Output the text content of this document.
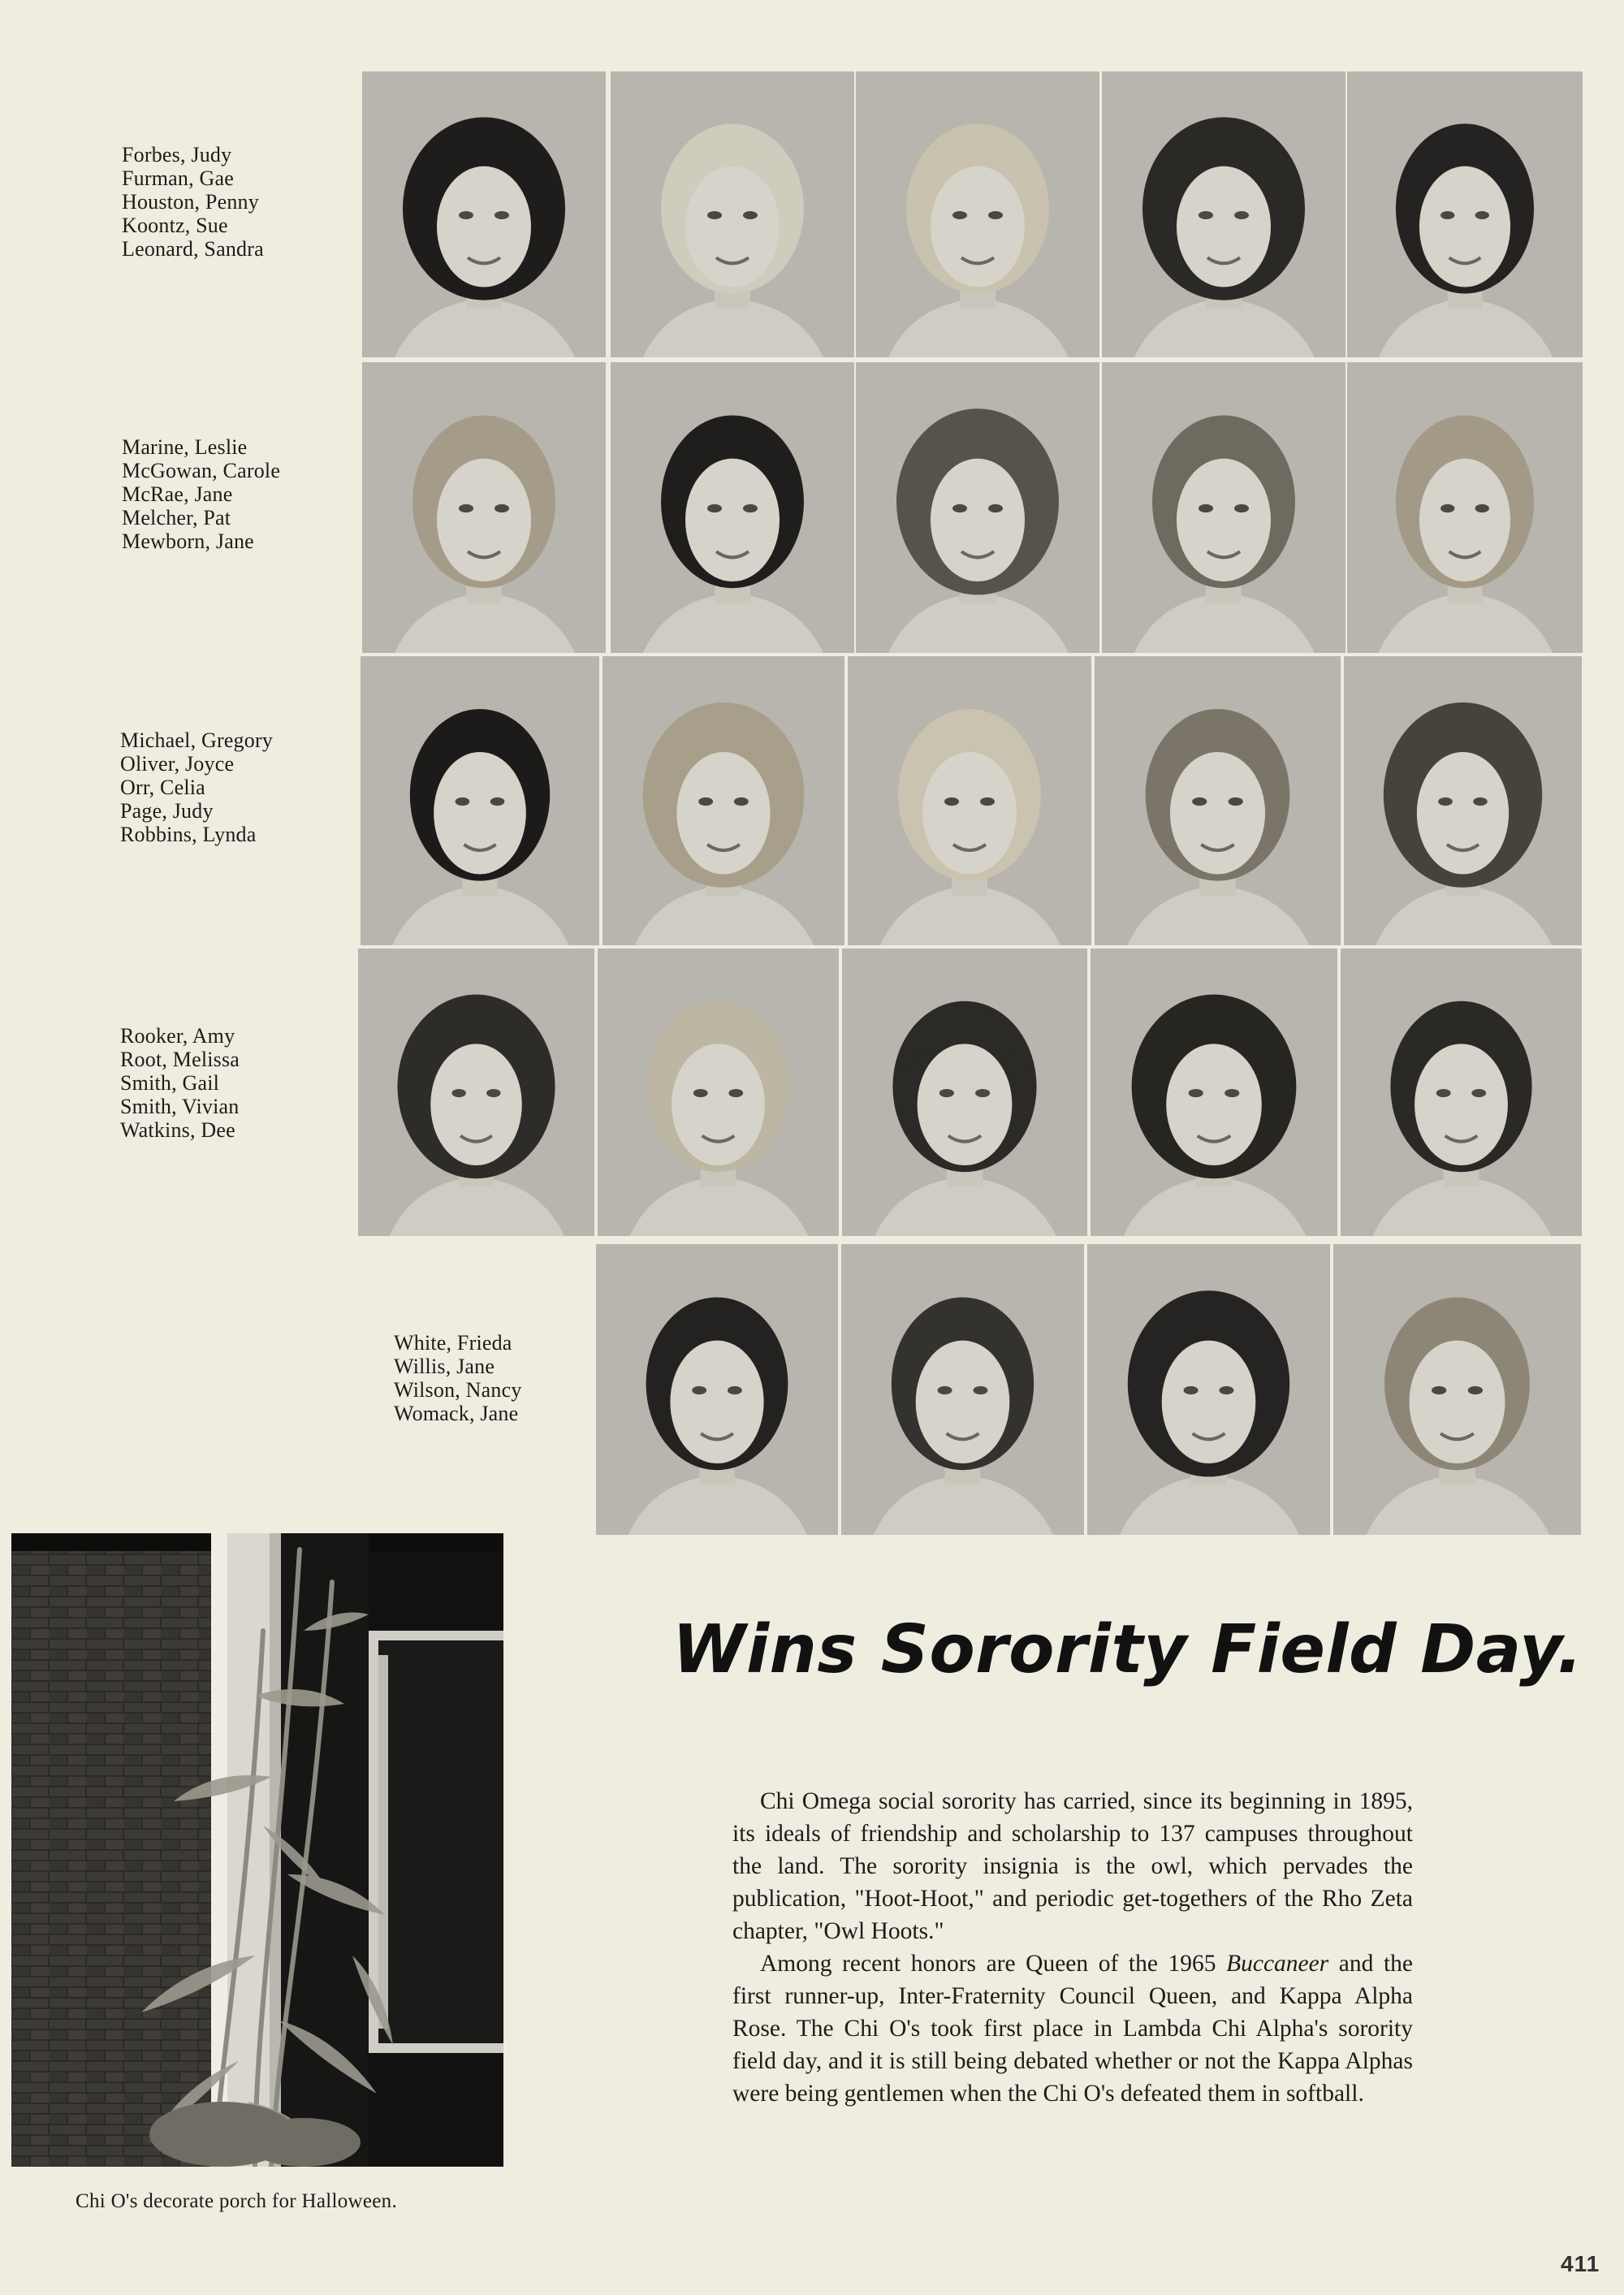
Forbes, Judy
Furman, Gae
Houston, Penny
Koontz, Sue
Leonard, Sandra
Marine, Leslie
McGowan, Carole
McRae, Jane
Melcher, Pat
Mewborn, Jane
Michael, Gregory
Oliver, Joyce
Orr, Celia
Page, Judy
Robbins, Lynda
Rooker, Amy
Root, Melissa
Smith, Gail
Smith, Vivian
Watkins, Dee
White, Frieda
Willis, Jane
Wilson, Nancy
Womack, Jane

Chi O's decorate porch for Halloween.

Wins Sorority Field Day.

Chi Omega social sorority has carried, since its beginning in 1895, its ideals of friendship and scholarship to 137 campuses throughout the land. The sorority insignia is the owl, which pervades the publication, "Hoot-Hoot," and periodic get-togethers of the Rho Zeta chapter, "Owl Hoots."

Among recent honors are Queen of the 1965 Buccaneer and the first runner-up, Inter-Fraternity Council Queen, and Kappa Alpha Rose. The Chi O's took first place in Lambda Chi Alpha's sorority field day, and it is still being debated whether or not the Kappa Alphas were being gentlemen when the Chi O's defeated them in softball.

411
